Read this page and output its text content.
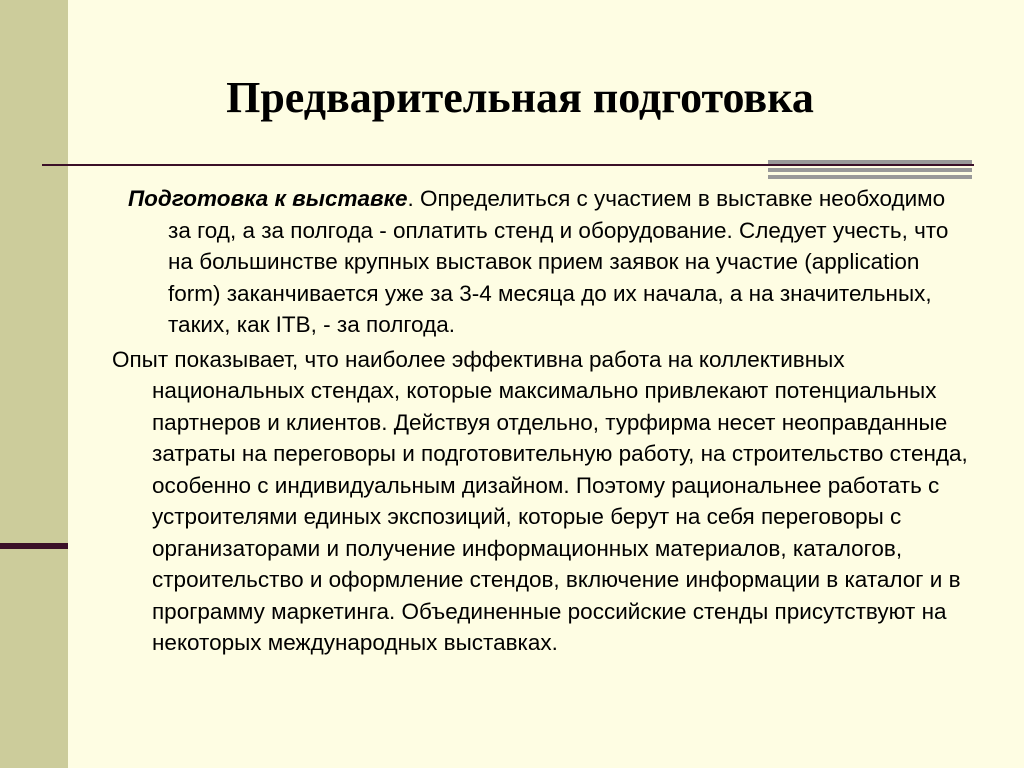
Предварительная подготовка

Подготовка к выставке. Определиться с участием в выставке необходимо за год, а за полгода - оплатить стенд и оборудование. Следует учесть, что на большинстве крупных выставок прием заявок на участие (application form) заканчивается уже за 3-4 месяца до их начала, а на значительных, таких, как ITB, - за полгода.

Опыт показывает, что наиболее эффективна работа на коллективных национальных стендах, которые максимально привлекают потенциальных партнеров и клиентов. Действуя отдельно, турфирма несет неоправданные затраты на переговоры и подготовительную работу, на строительство стенда, особенно с индивидуальным дизайном. Поэтому рациональнее работать с устроителями единых экспозиций, которые берут на себя переговоры с организаторами и получение информационных материалов, каталогов, строительство и оформление стендов, включение информации в каталог и в программу маркетинга. Объединенные российские стенды присутствуют на некоторых международных выставках.
